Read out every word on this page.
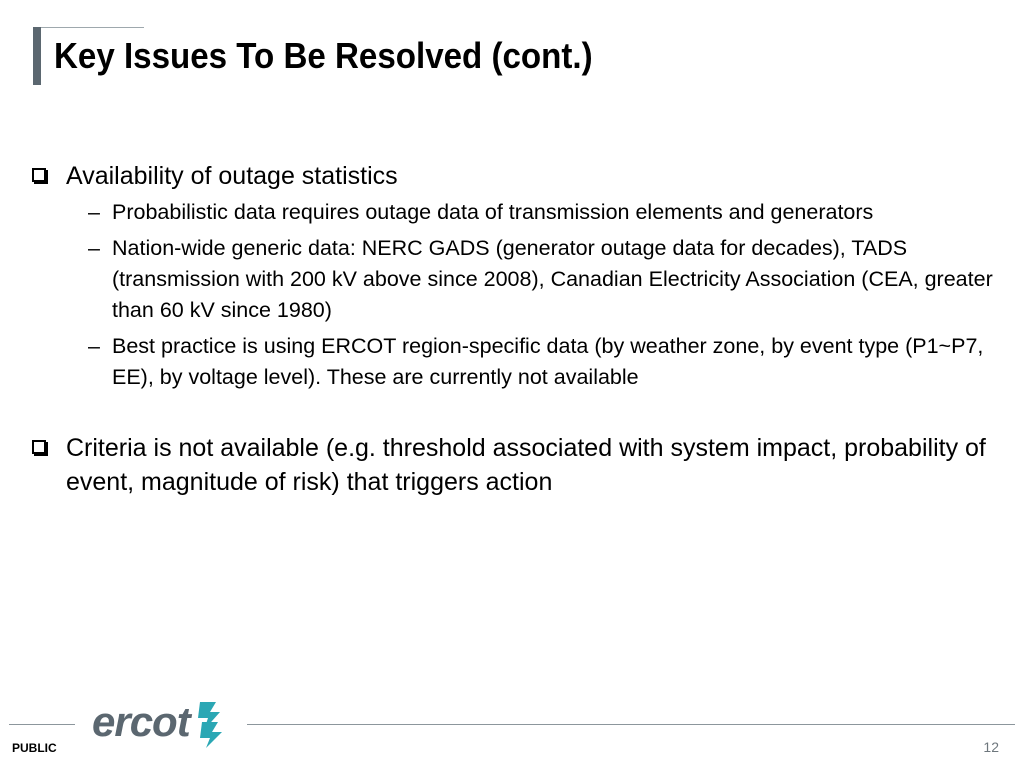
Key Issues To Be Resolved (cont.)
Availability of outage statistics
– Probabilistic data requires outage data of transmission elements and generators
– Nation-wide generic data: NERC GADS (generator outage data for decades), TADS (transmission with 200 kV above since 2008), Canadian Electricity Association (CEA, greater than 60 kV since 1980)
– Best practice is using ERCOT region-specific data (by weather zone, by event type (P1~P7, EE), by voltage level). These are currently not available
Criteria is not available (e.g. threshold associated with system impact, probability of event, magnitude of risk) that triggers action
ercot
PUBLIC	12
